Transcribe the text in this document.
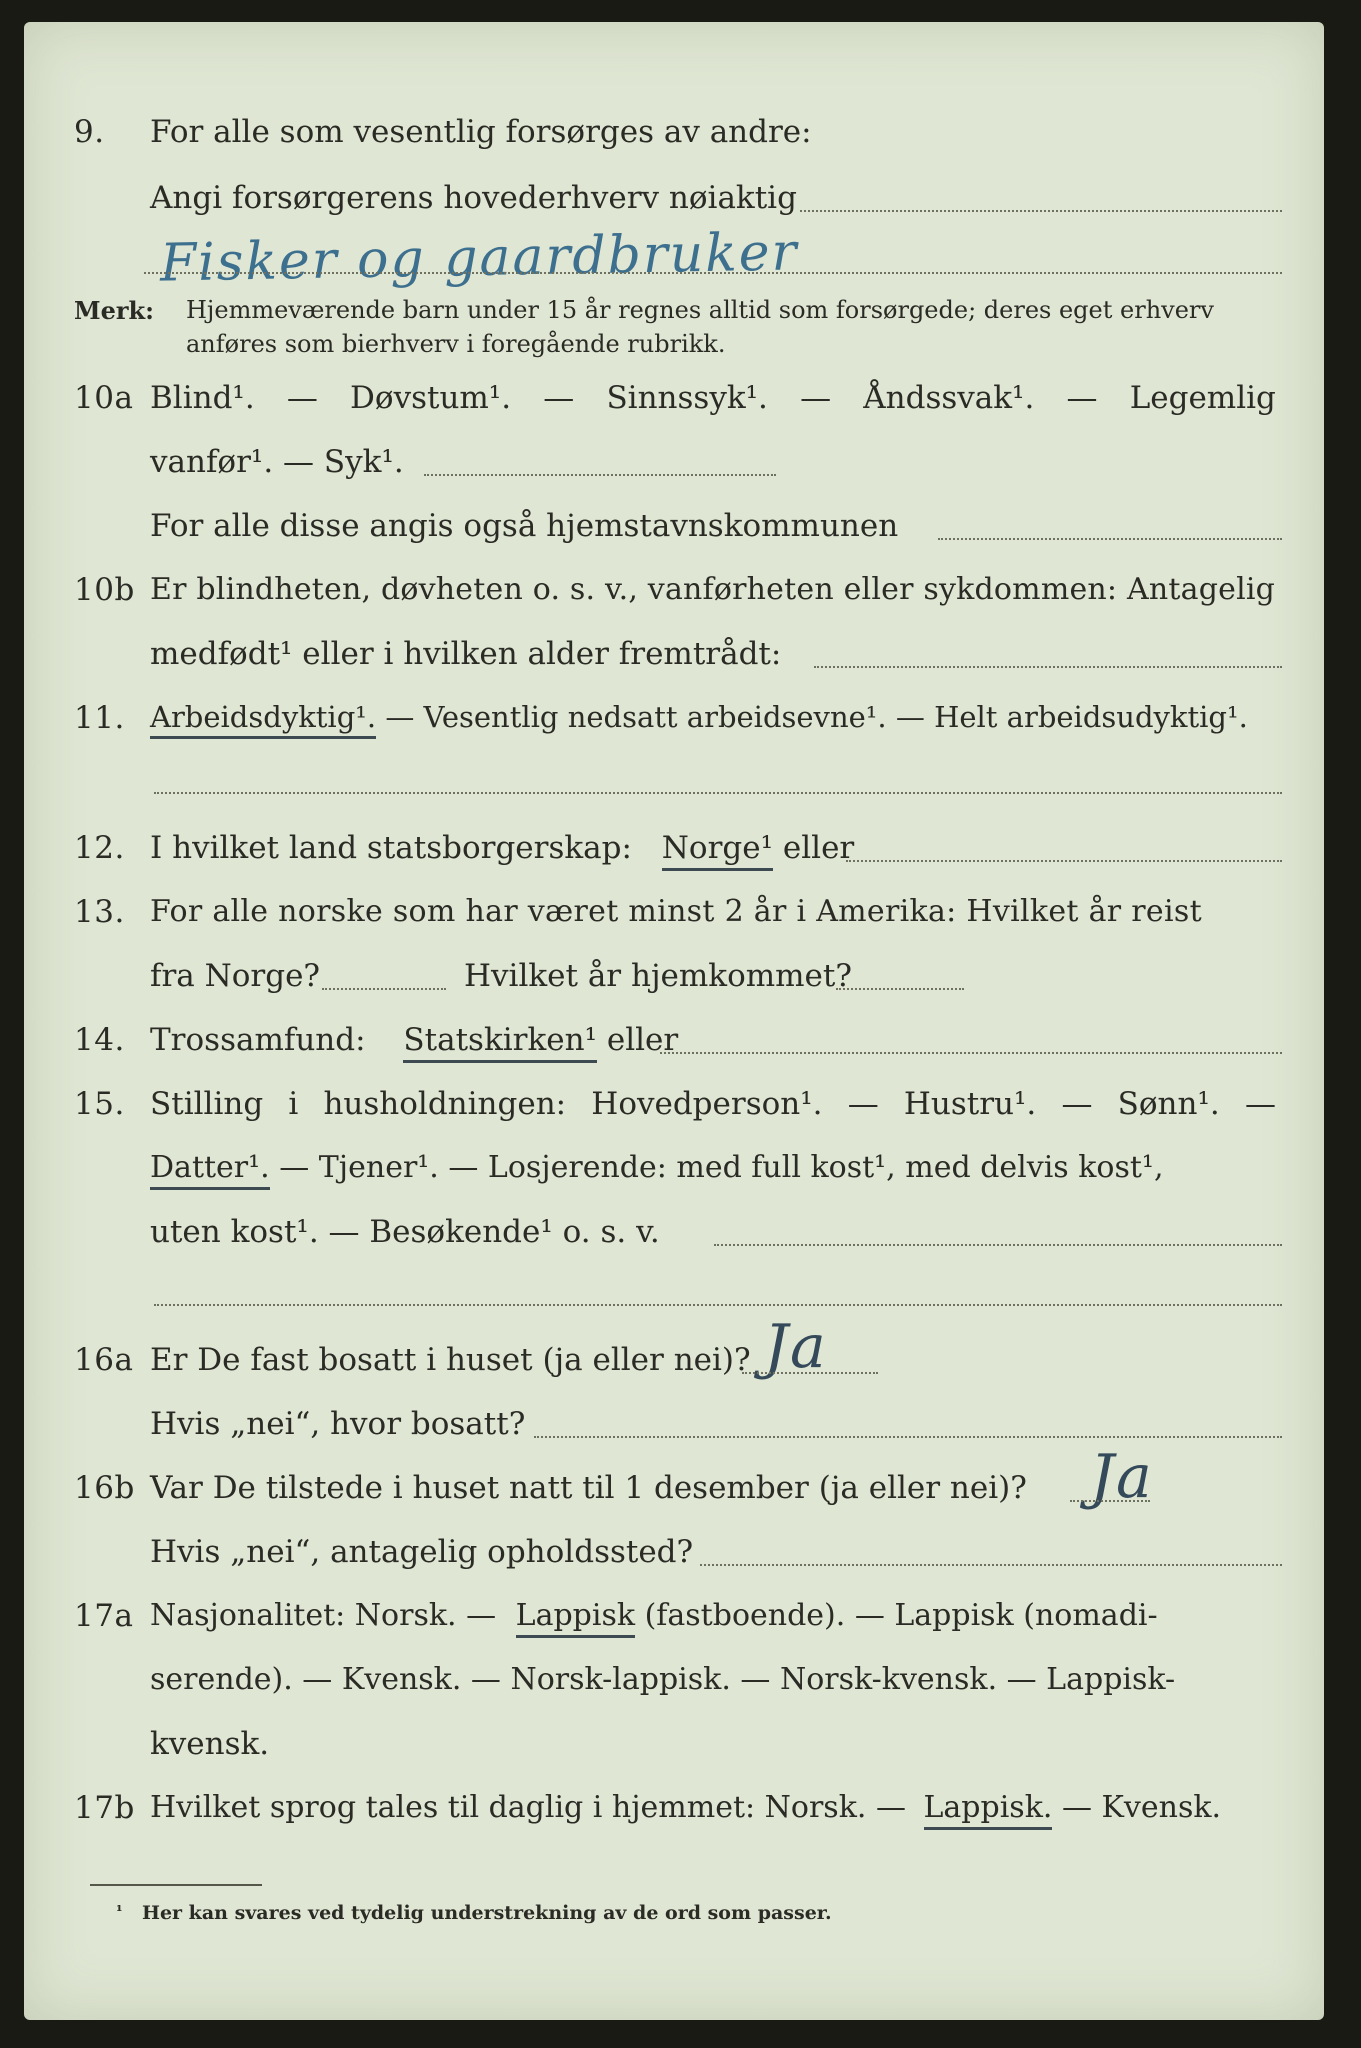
9. For alle som vesentlig forsørges av andre:
Angi forsørgerens hovederhverv nøiaktig
Fisker og gaardbruker
Merk: Hjemmeværende barn under 15 år regnes alltid som forsørgede; deres eget erhverv
anføres som bierhverv i foregående rubrikk.
10a Blind¹. — Døvstum¹. — Sinnssyk¹. — Åndssvak¹. — Legemlig
vanfør¹. — Syk¹.
For alle disse angis også hjemstavnskommunen
10b Er blindheten, døvheten o. s. v., vanførheten eller sykdommen: Antagelig
medfødt¹ eller i hvilken alder fremtrådt:
11. Arbeidsdyktig¹. — Vesentlig nedsatt arbeidsevne¹. — Helt arbeidsudyktig¹.
12. I hvilket land statsborgerskap: Norge¹ eller
13. For alle norske som har været minst 2 år i Amerika: Hvilket år reist
fra Norge?	Hvilket år hjemkommet?
14. Trossamfund: Statskirken¹ eller
15. Stilling i husholdningen: Hovedperson¹. — Hustru¹. — Sønn¹. —
Datter¹. — Tjener¹. — Losjerende: med full kost¹, med delvis kost¹,
uten kost¹. — Besøkende¹ o. s. v.
16a Er De fast bosatt i huset (ja eller nei)? Ja
Hvis „nei“, hvor bosatt?
16b Var De tilstede i huset natt til 1 desember (ja eller nei)? Ja
Hvis „nei“, antagelig opholdssted?
17a Nasjonalitet: Norsk. — Lappisk (fastboende). — Lappisk (nomadi-
serende). — Kvensk. — Norsk-lappisk. — Norsk-kvensk. — Lappisk-
kvensk.
17b Hvilket sprog tales til daglig i hjemmet: Norsk. — Lappisk. — Kvensk.
¹ Her kan svares ved tydelig understrekning av de ord som passer.
